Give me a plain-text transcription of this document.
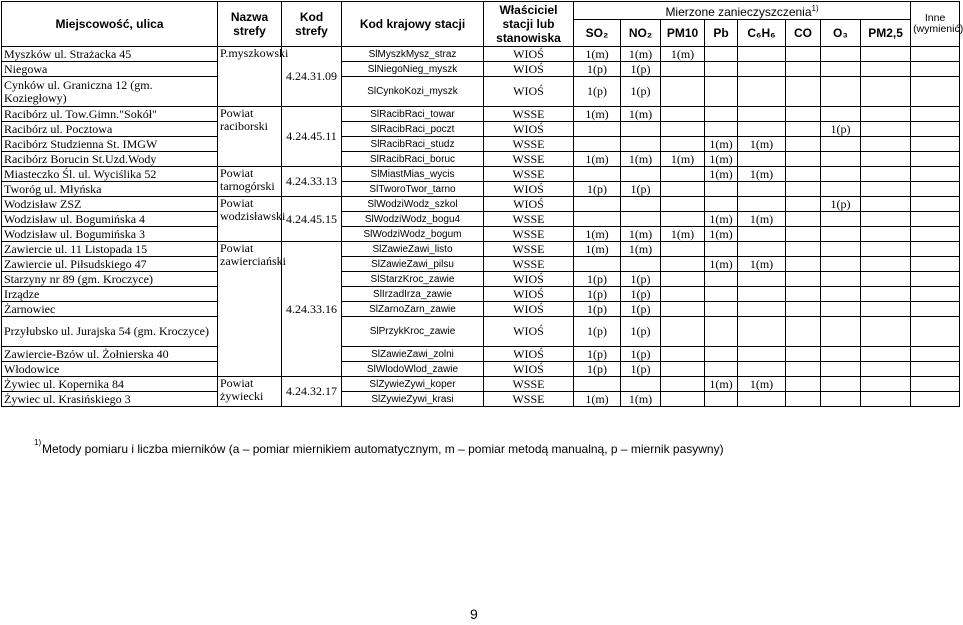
Miejscowość, ulica	Nazwa strefy	Kod strefy	Kod krajowy stacji	Właściciel stacji lub stanowiska	Mierzone zanieczyszczenia$^{1)}$								Inne (wymienić)
					SO₂	NO₂	PM10	Pb	C₆H₆	CO	O₃	PM2,5	
Myszków ul. Strażacka 45	P.myszkowski	4.24.31.09	SlMyszkMysz_straz	WIOŚ	1(m)	1(m)	1(m)						
Niegowa			SlNiegoNieg_myszk	WIOŚ	1(p)	1(p)							
Cynków ul. Graniczna 12 (gm. Koziegłowy)			SlCynkoKozi_myszk	WIOŚ	1(p)	1(p)							
Racibórz ul. Tow.Gimn."Sokół"	Powiat raciborski	4.24.45.11	SlRacibRaci_towar	WSSE	1(m)	1(m)							
Racibórz ul. Pocztowa			SlRacibRaci_poczt	WIOŚ							1(p)		
Racibórz Studzienna St. IMGW			SlRacibRaci_studz	WSSE				1(m)	1(m)				
Racibórz Borucin St.Uzd.Wody			SlRacibRaci_boruc	WSSE	1(m)	1(m)	1(m)	1(m)					
Miasteczko Śl. ul. Wyciślika 52	Powiat tarnogórski	4.24.33.13	SlMiastMias_wycis	WSSE				1(m)	1(m)				
Tworóg ul. Młyńska			SlTworoTwor_tarno	WIOŚ	1(p)	1(p)							
Wodzisław ZSZ	Powiat wodzisławski	4.24.45.15	SlWodziWodz_szkol	WIOŚ							1(p)		
Wodzisław ul. Bogumińska 4			SlWodziWodz_bogu4	WSSE				1(m)	1(m)				
Wodzisław ul. Bogumińska 3			SlWodziWodz_bogum	WSSE	1(m)	1(m)	1(m)	1(m)					
Zawiercie ul. 11 Listopada 15	Powiat zawierciański	4.24.33.16	SlZawieZawi_listo	WSSE	1(m)	1(m)							
Zawiercie ul. Piłsudskiego 47			SlZawieZawi_pilsu	WSSE				1(m)	1(m)				
Starzyny nr 89 (gm. Kroczyce)			SlStarzKroc_zawie	WIOŚ	1(p)	1(p)							
Irządze			SlIrzadIrza_zawie	WIOŚ	1(p)	1(p)							
Żarnowiec			SlZarnoZarn_zawie	WIOŚ	1(p)	1(p)							
Przyłubsko ul. Jurajska 54 (gm. Kroczyce)			SlPrzykKroc_zawie	WIOŚ	1(p)	1(p)							
Zawiercie-Bzów ul. Żołnierska 40			SlZawieZawi_zolni	WIOŚ	1(p)	1(p)							
Włodowice			SlWlodoWlod_zawie	WIOŚ	1(p)	1(p)							
Żywiec ul. Kopernika 84	Powiat żywiecki	4.24.32.17	SlZywieZywi_koper	WSSE				1(m)	1(m)				
Żywiec ul. Krasińskiego 3			SlZywieZywi_krasi	WSSE	1(m)	1(m)							
1) Metody pomiaru i liczba mierników (a – pomiar miernikiem automatycznym, m – pomiar metodą manualną, p – miernik pasywny)
9
